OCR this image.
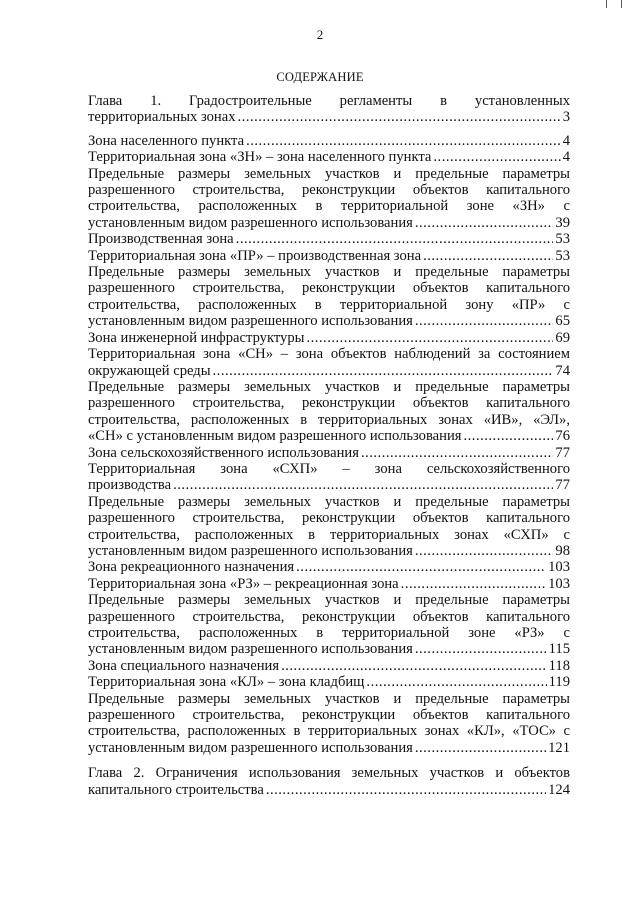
2
СОДЕРЖАНИЕ
Глава 1. Градостроительные регламенты в установленных
территориальных зонах .....	3
Зона населенного пункта .....	4
Территориальная зона «ЗН» – зона населенного пункта .....	4
Предельные размеры земельных участков и предельные параметры
разрешенного строительства, реконструкции объектов капитального
строительства, расположенных в территориальной зоне «ЗН» с
установленным видом разрешенного использования .....	39
Производственная зона .....	53
Территориальная зона «ПР» – производственная зона .....	53
Предельные размеры земельных участков и предельные параметры
разрешенного строительства, реконструкции объектов капитального
строительства, расположенных в территориальной зону «ПР» с
установленным видом разрешенного использования .....	65
Зона инженерной инфраструктуры .....	69
Территориальная зона «СН» – зона объектов наблюдений за состоянием
окружающей среды .....	74
Предельные размеры земельных участков и предельные параметры
разрешенного строительства, реконструкции объектов капитального
строительства, расположенных в территориальных зонах «ИВ», «ЭЛ»,
«СН» с установленным видом разрешенного использования .....	76
Зона сельскохозяйственного использования .....	77
Территориальная зона «СХП» – зона сельскохозяйственного
производства .....	77
Предельные размеры земельных участков и предельные параметры
разрешенного строительства, реконструкции объектов капитального
строительства, расположенных в территориальных зонах «СХП» с
установленным видом разрешенного использования .....	98
Зона рекреационного назначения .....	103
Территориальная зона «РЗ» – рекреационная зона .....	103
Предельные размеры земельных участков и предельные параметры
разрешенного строительства, реконструкции объектов капитального
строительства, расположенных в территориальной зоне «РЗ» с
установленным видом разрешенного использования .....	115
Зона специального назначения .....	118
Территориальная зона «КЛ» – зона кладбищ .....	119
Предельные размеры земельных участков и предельные параметры
разрешенного строительства, реконструкции объектов капитального
строительства, расположенных в территориальных зонах «КЛ», «ТОС» с
установленным видом разрешенного использования .....	121
Глава 2. Ограничения использования земельных участков и объектов
капитального строительства .....	124
